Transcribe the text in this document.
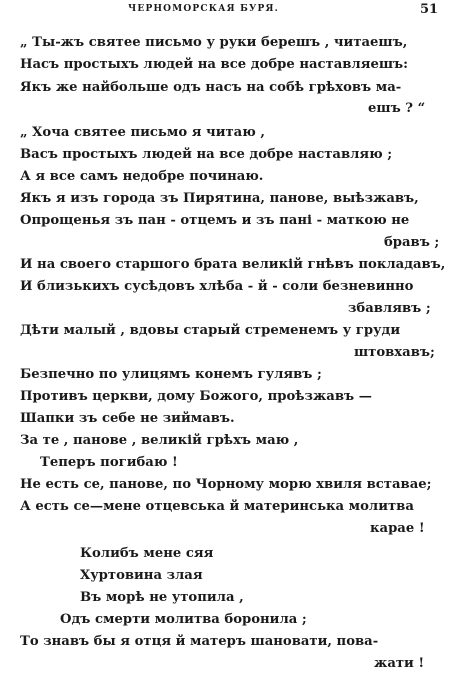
ЧЕРНОМОРСКАЯ БУРЯ.	51
„ Ты-жъ святее письмо у руки берешъ , читаешъ,
Насъ простыхъ людей на все добре наставляешъ:
Якъ же найбольше одъ насъ на собѣ грѣховъ ма-
ешъ ? “
„ Хоча святее письмо я читаю ,
Васъ простыхъ людей на все добре наставляю ;
А я все самъ недобре починаю.
Якъ я изъ города зъ Пирятина, панове, выѣзжавъ,
Опрощенья зъ пан - отцемъ и зъ пані - маткою не
бравъ ;
И на своего старшого брата великій гнѣвъ покладавъ,
И близькихъ сусѣдовъ хлѣба - й - соли безневинно
збавлявъ ;
Дѣти малый , вдовы старый стременемъ у груди
штовхавъ;
Безпечно по улицямъ конемъ гулявъ ;
Противъ церкви, дому Божого, проѣзжавъ —
Шапки зъ себе не зиймавъ.
За те , панове , великій грѣхъ маю ,
Теперъ погибаю !
Не есть се, панове, по Чорному морю хвиля вставае;
А есть се—мене отцевська й материнська молитва
карае !
Колибъ мене сяя
Хуртовина злая
Въ морѣ не утопила ,
Одъ смерти молитва боронила ;
То знавъ бы я отця й матеръ шановати, пова-
жати !
